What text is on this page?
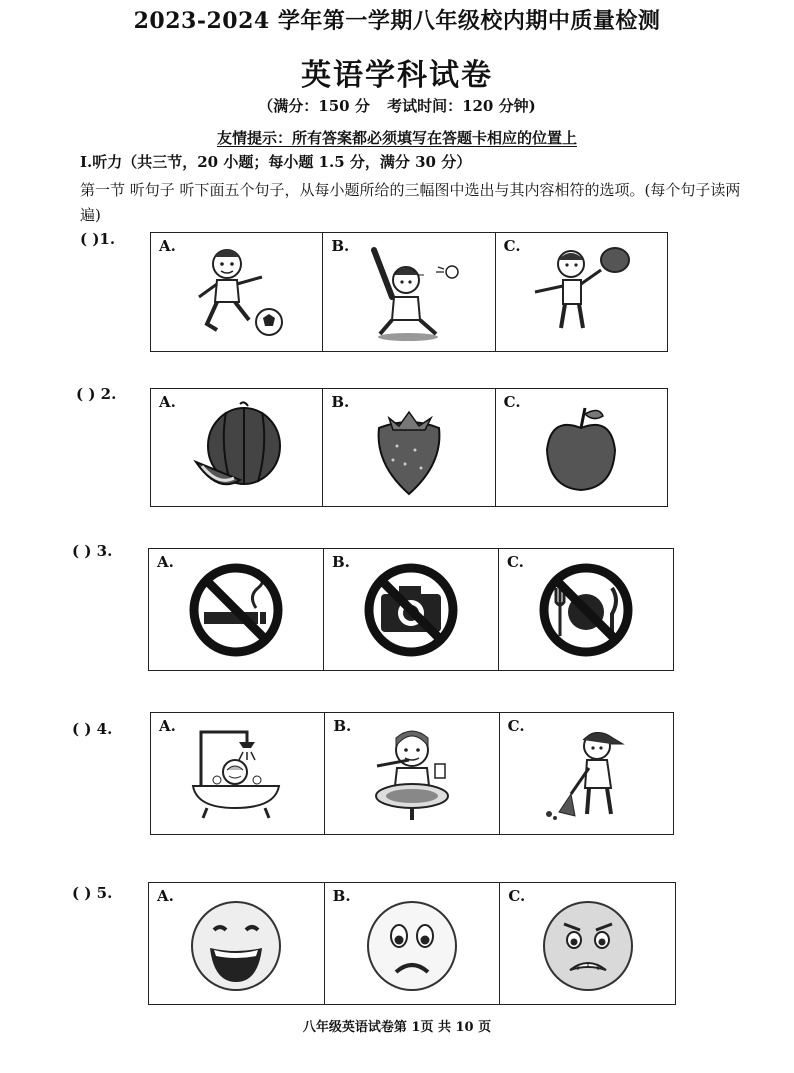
2023-2024 学年第一学期八年级校内期中质量检测
英语学科试卷
（满分：150 分 考试时间：120 分钟)
友情提示：所有答案都必须填写在答题卡相应的位置上
I.听力（共三节，20 小题；每小题 1.5 分，满分 30 分）
第一节 听句子 听下面五个句子，从每小题所给的三幅图中选出与其内容相符的选项。(每个句子读两遍)
( )1.	A.	B.	C.
( ) 2.	A.	B.	C.
( ) 3.
A.	B.	C.
( ) 4.	A.	B.	C.
( ) 5.	A.	B.	C.
八年级英语试卷第 1页 共 10 页
